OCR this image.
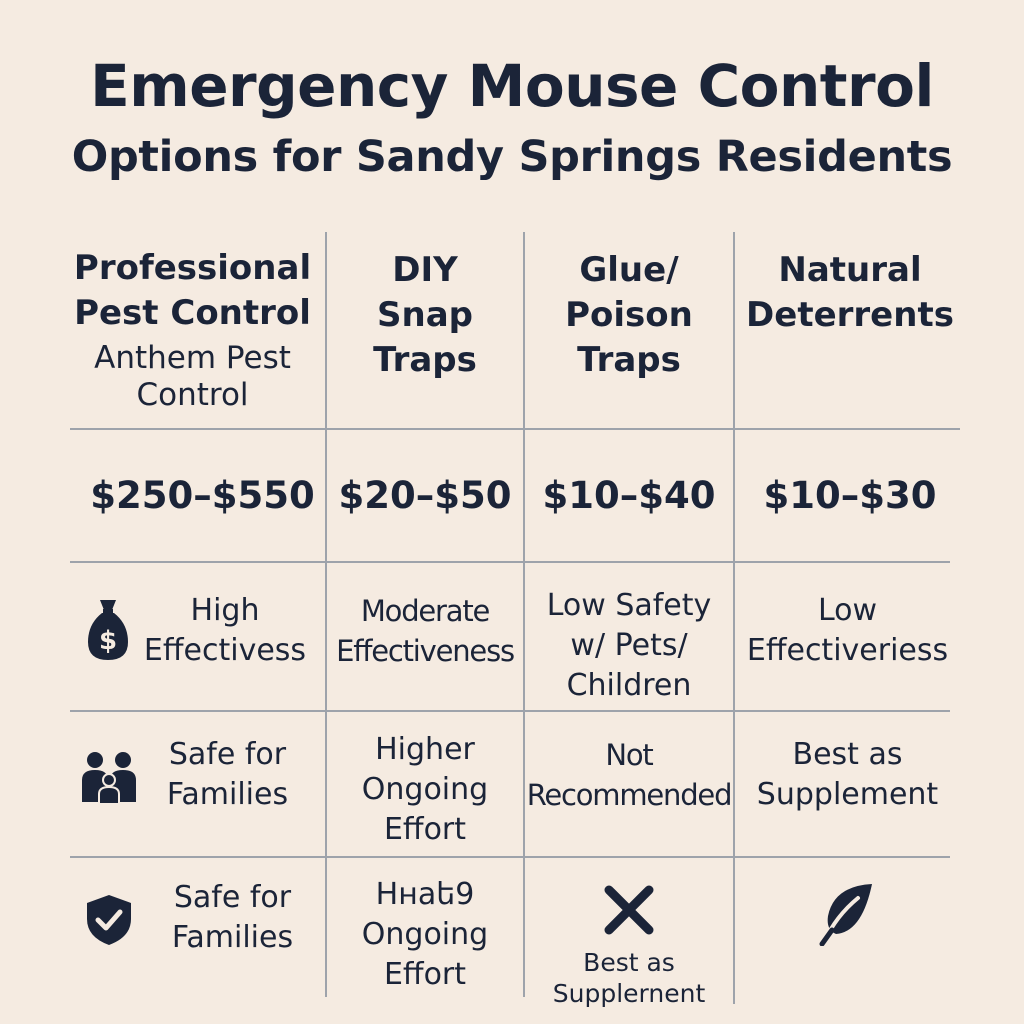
Emergency Mouse Control
Options for Sandy Springs Residents
Professional
Pest Control
Anthem Pest
Control
DIY
Snap
Traps
Glue/
Poison
Traps
Natural
Deterrents
$250–$550 $20–$50 $10–$40	$10–$30
$
High
Effectivess
Moderate
Effectiveness
Low Safety
w/ Pets/
Children
Low
Effectiveriess
Safe for
Families
Higher
Ongoing
Effort
Not
Recommended
Best as
Supplement
Safe for
Families
Hнaե9
Ongoing
Effort	Best as
Supplernent
